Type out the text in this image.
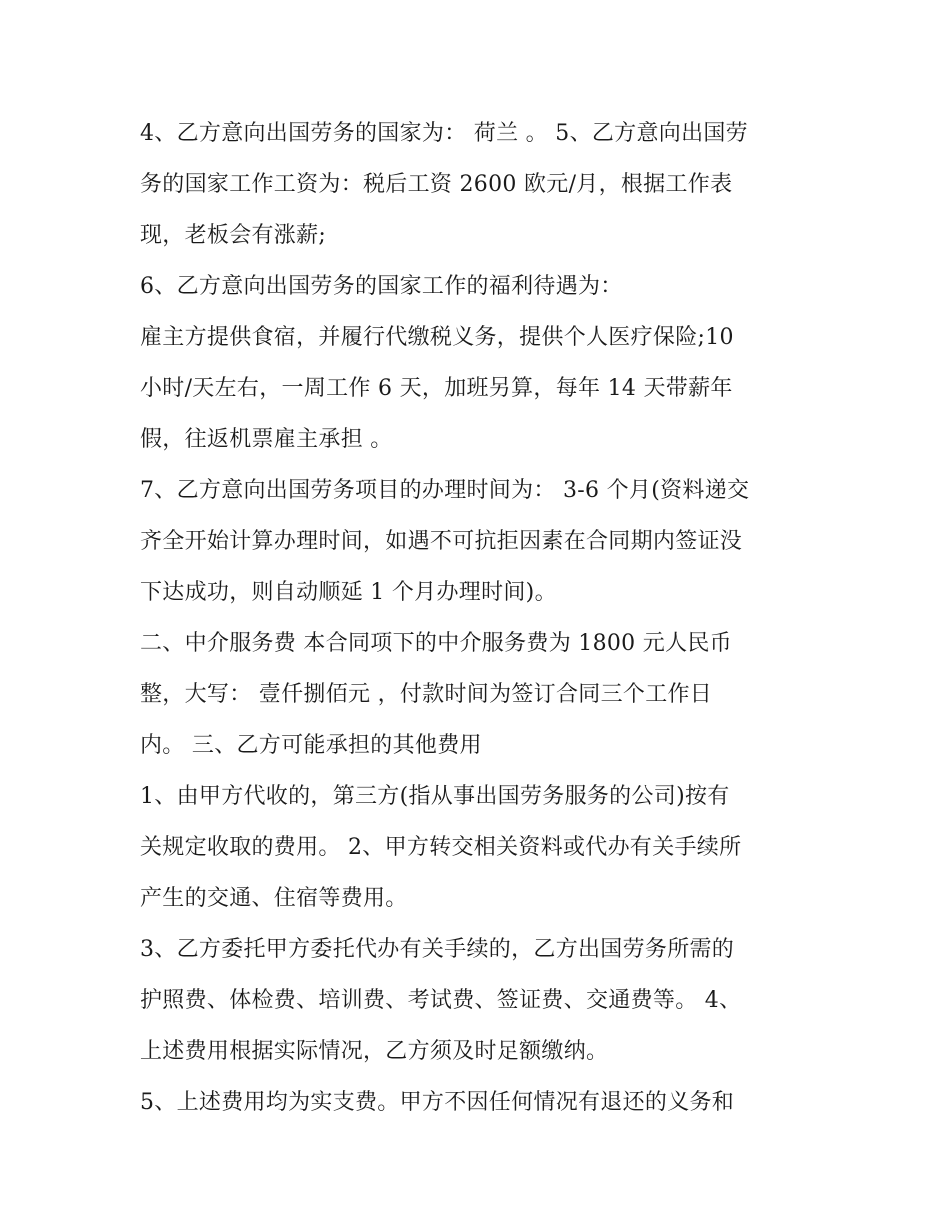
4、乙方意向出国劳务的国家为： 荷兰 。 5、乙方意向出国劳
务的国家工作工资为：税后工资 2600 欧元/月，根据工作表
现，老板会有涨薪;
6、乙方意向出国劳务的国家工作的福利待遇为：
雇主方提供食宿，并履行代缴税义务，提供个人医疗保险;10
小时/天左右，一周工作 6 天，加班另算，每年 14 天带薪年
假，往返机票雇主承担 。
7、乙方意向出国劳务项目的办理时间为： 3-6 个月(资料递交
齐全开始计算办理时间，如遇不可抗拒因素在合同期内签证没
下达成功，则自动顺延 1 个月办理时间)。
二、中介服务费 本合同项下的中介服务费为 1800 元人民币
整，大写： 壹仟捌佰元 ，付款时间为签订合同三个工作日
内。 三、乙方可能承担的其他费用
1、由甲方代收的，第三方(指从事出国劳务服务的公司)按有
关规定收取的费用。 2、甲方转交相关资料或代办有关手续所
产生的交通、住宿等费用。
3、乙方委托甲方委托代办有关手续的，乙方出国劳务所需的
护照费、体检费、培训费、考试费、签证费、交通费等。 4、
上述费用根据实际情况，乙方须及时足额缴纳。
5、上述费用均为实支费。甲方不因任何情况有退还的义务和
